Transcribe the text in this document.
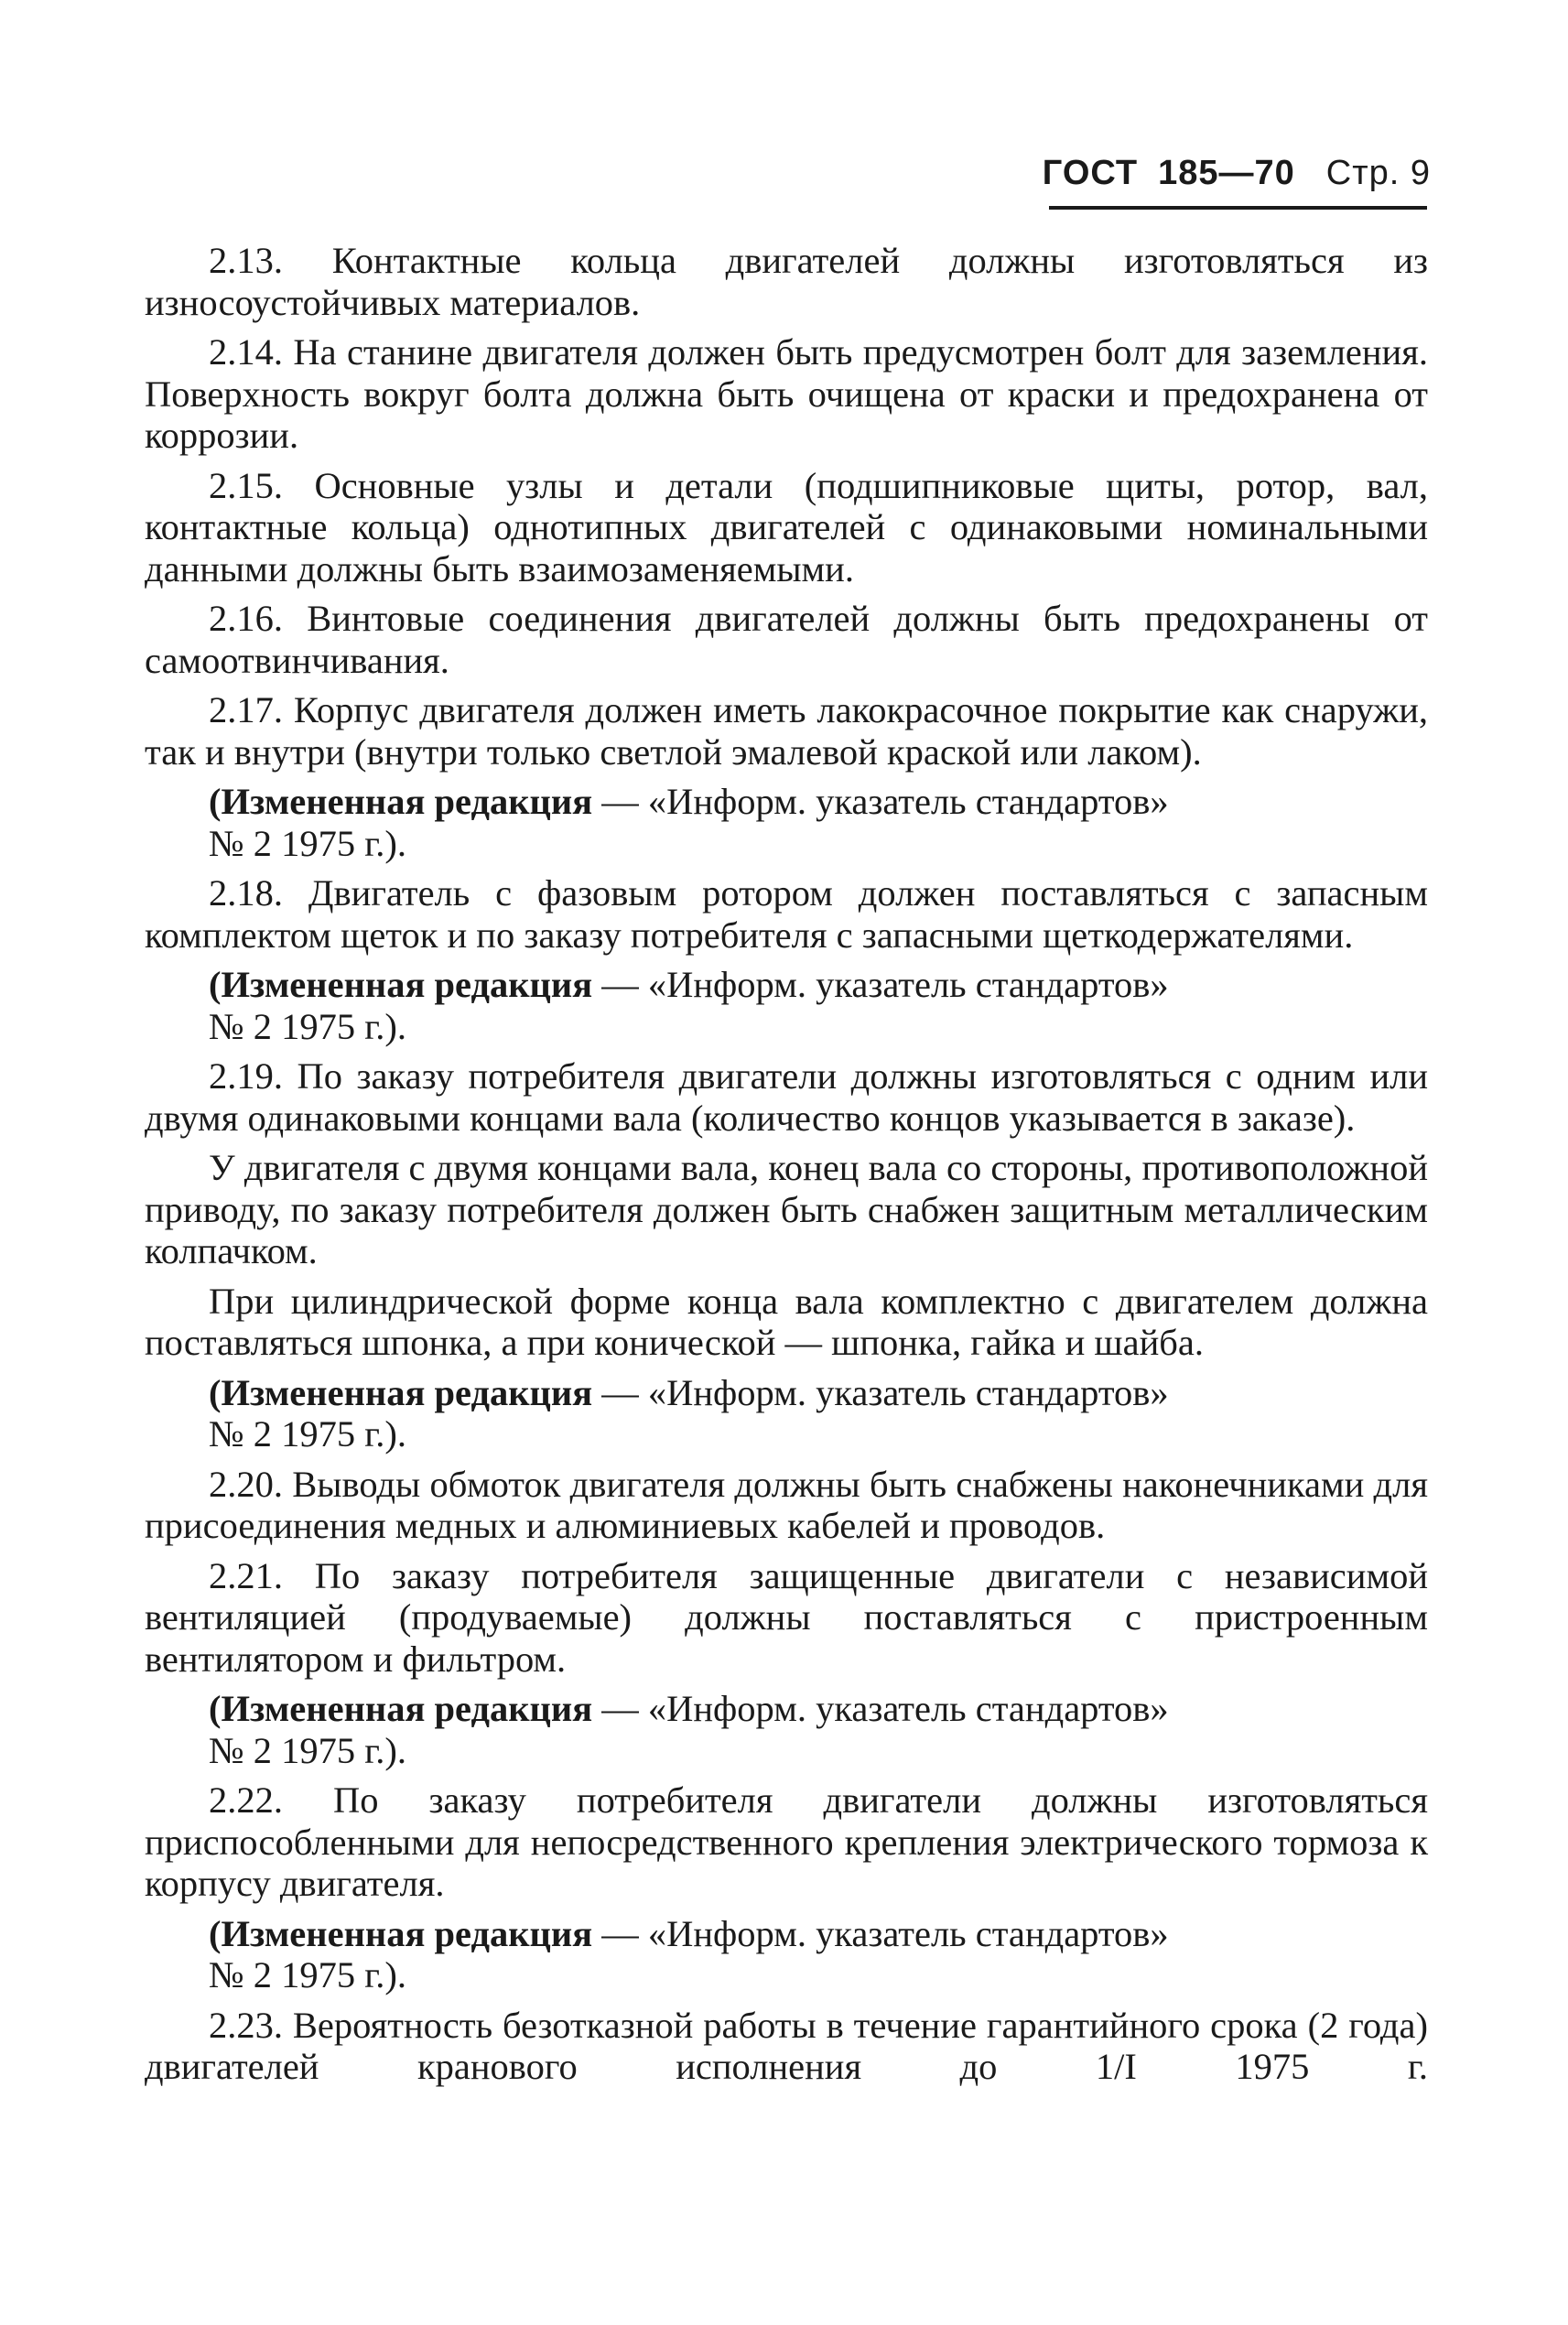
ГОСТ 185—70 Стр. 9

2.13. Контактные кольца двигателей должны изготовляться из износоустойчивых материалов.

2.14. На станине двигателя должен быть предусмотрен болт для заземления. Поверхность вокруг болта должна быть очищена от краски и предохранена от коррозии.

2.15. Основные узлы и детали (подшипниковые щиты, ротор, вал, контактные кольца) однотипных двигателей с одинаковыми номинальными данными должны быть взаимозаменяемыми.

2.16. Винтовые соединения двигателей должны быть предохранены от самоотвинчивания.

2.17. Корпус двигателя должен иметь лакокрасочное покрытие как снаружи, так и внутри (внутри только светлой эмалевой краской или лаком).

(Измененная редакция — «Информ. указатель стандартов»
№ 2 1975 г.).

2.18. Двигатель с фазовым ротором должен поставляться с запасным комплектом щеток и по заказу потребителя с запасными щеткодержателями.

(Измененная редакция — «Информ. указатель стандартов»
№ 2 1975 г.).

2.19. По заказу потребителя двигатели должны изготовляться с одним или двумя одинаковыми концами вала (количество концов указывается в заказе).

У двигателя с двумя концами вала, конец вала со стороны, противоположной приводу, по заказу потребителя должен быть снабжен защитным металлическим колпачком.

При цилиндрической форме конца вала комплектно с двигателем должна поставляться шпонка, а при конической — шпонка, гайка и шайба.

(Измененная редакция — «Информ. указатель стандартов»
№ 2 1975 г.).

2.20. Выводы обмоток двигателя должны быть снабжены наконечниками для присоединения медных и алюминиевых кабелей и проводов.

2.21. По заказу потребителя защищенные двигатели с независимой вентиляцией (продуваемые) должны поставляться с пристроенным вентилятором и фильтром.

(Измененная редакция — «Информ. указатель стандартов»
№ 2 1975 г.).

2.22. По заказу потребителя двигатели должны изготовляться приспособленными для непосредственного крепления электрического тормоза к корпусу двигателя.

(Измененная редакция — «Информ. указатель стандартов»
№ 2 1975 г.).

2.23. Вероятность безотказной работы в течение гарантийного срока (2 года) двигателей кранового исполнения до 1/I 1975 г.
